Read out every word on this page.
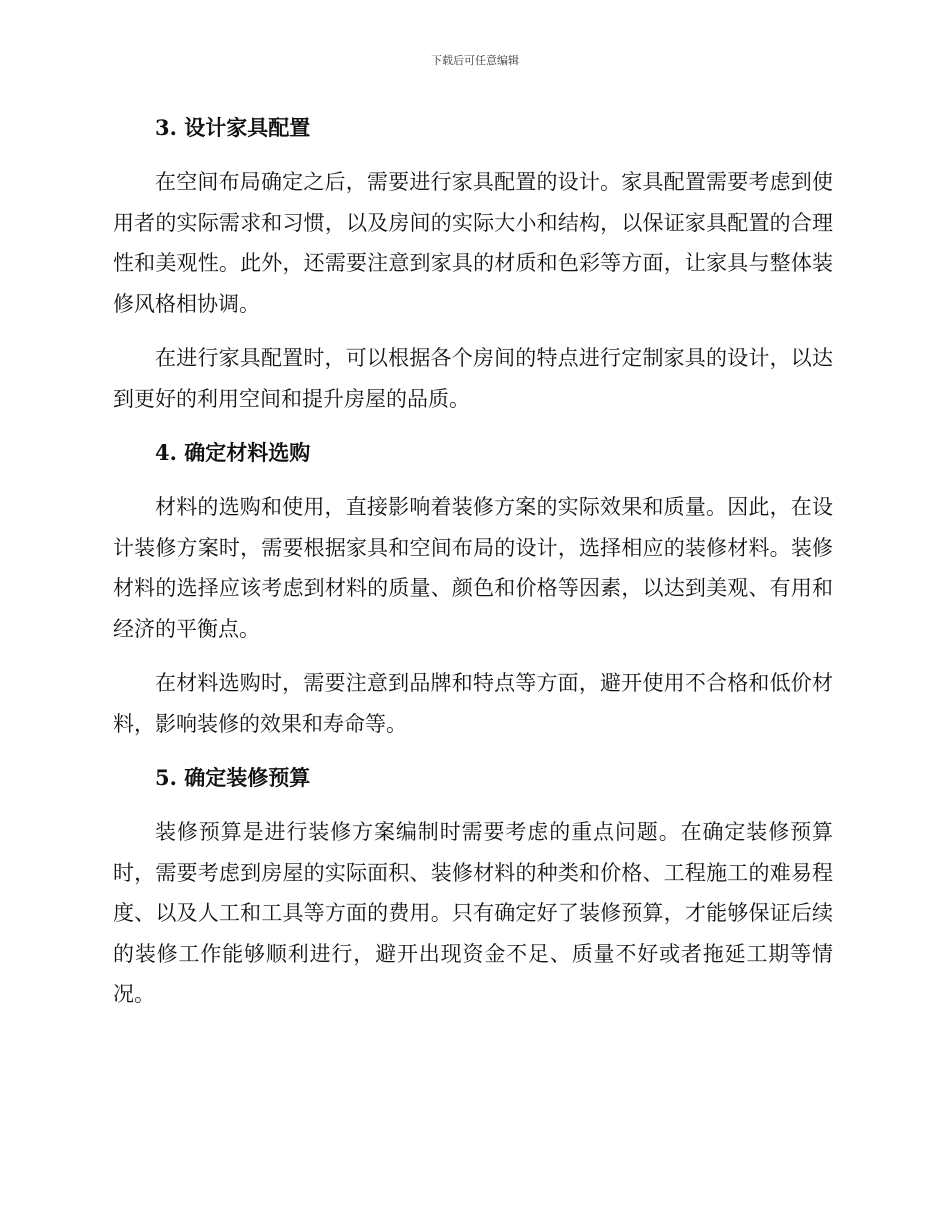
下载后可任意编辑
3. 设计家具配置

在空间布局确定之后，需要进行家具配置的设计。家具配置需要考虑到使用者的实际需求和习惯，以及房间的实际大小和结构，以保证家具配置的合理性和美观性。此外，还需要注意到家具的材质和色彩等方面，让家具与整体装修风格相协调。

在进行家具配置时，可以根据各个房间的特点进行定制家具的设计，以达到更好的利用空间和提升房屋的品质。

4. 确定材料选购

材料的选购和使用，直接影响着装修方案的实际效果和质量。因此，在设计装修方案时，需要根据家具和空间布局的设计，选择相应的装修材料。装修材料的选择应该考虑到材料的质量、颜色和价格等因素，以达到美观、有用和经济的平衡点。

在材料选购时，需要注意到品牌和特点等方面，避开使用不合格和低价材料，影响装修的效果和寿命等。

5. 确定装修预算

装修预算是进行装修方案编制时需要考虑的重点问题。在确定装修预算时，需要考虑到房屋的实际面积、装修材料的种类和价格、工程施工的难易程度、以及人工和工具等方面的费用。只有确定好了装修预算，才能够保证后续的装修工作能够顺利进行，避开出现资金不足、质量不好或者拖延工期等情况。
